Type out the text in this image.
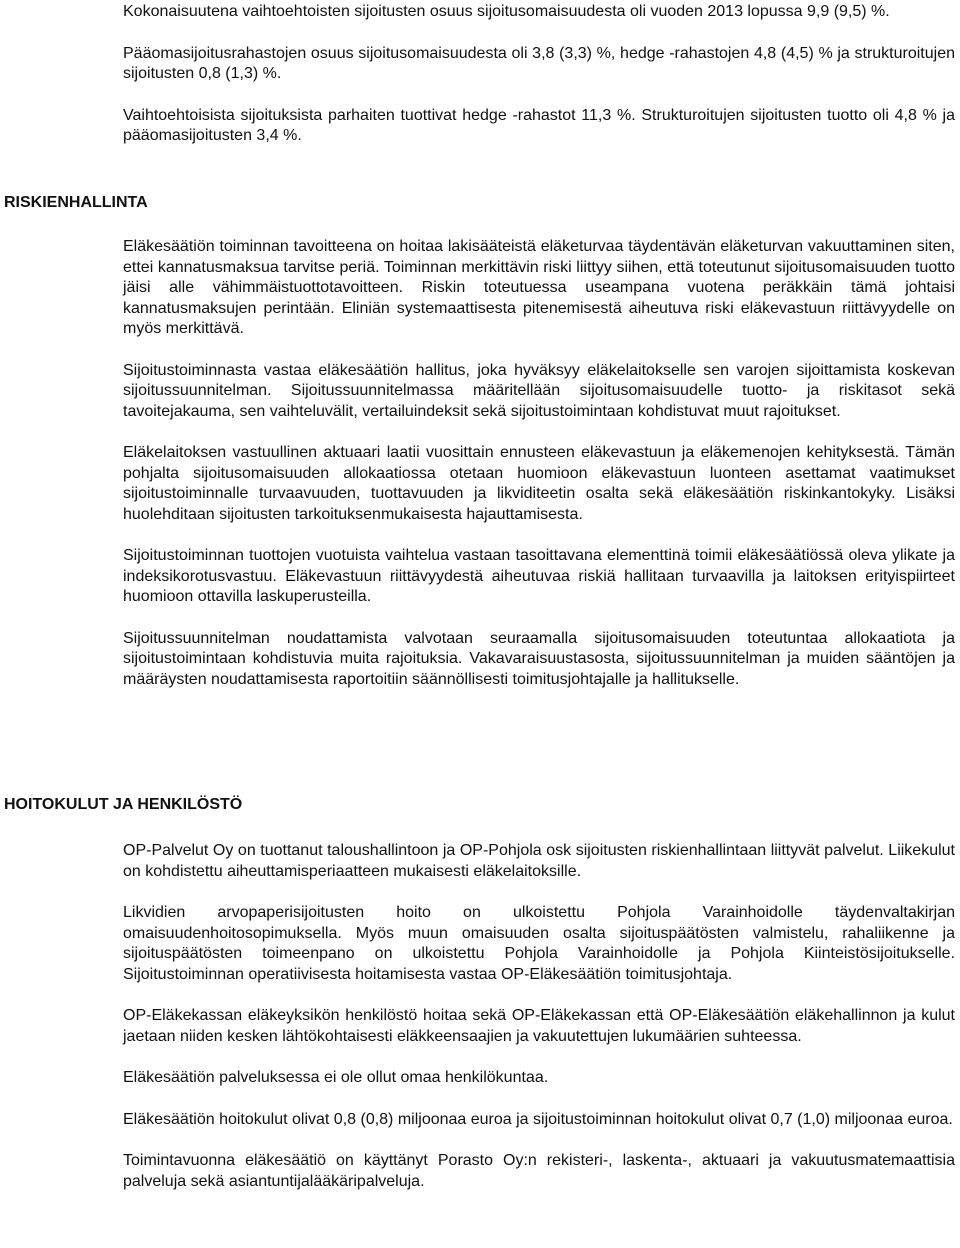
Kokonaisuutena vaihtoehtoisten sijoitusten osuus sijoitusomaisuudesta oli vuoden 2013 lopussa 9,9 (9,5) %.

Pääomasijoitusrahastojen osuus sijoitusomaisuudesta oli 3,8 (3,3) %, hedge -rahastojen 4,8 (4,5) % ja strukturoitujen sijoitusten 0,8 (1,3) %.

Vaihtoehtoisista sijoituksista parhaiten tuottivat hedge -rahastot 11,3 %. Strukturoitujen sijoitusten tuotto oli 4,8 % ja pääomasijoitusten 3,4 %.

RISKIENHALLINTA

Eläkesäätiön toiminnan tavoitteena on hoitaa lakisääteistä eläketurvaa täydentävän eläketurvan vakuuttaminen siten, ettei kannatusmaksua tarvitse periä. Toiminnan merkittävin riski liittyy siihen, että toteutunut sijoitusomaisuuden tuotto jäisi alle vähimmäistuottotavoitteen. Riskin toteutuessa useampana vuotena peräkkäin tämä johtaisi kannatusmaksujen perintään. Eliniän systemaattisesta pitenemisestä aiheutuva riski eläkevastuun riittävyydelle on myös merkittävä.

Sijoitustoiminnasta vastaa eläkesäätiön hallitus, joka hyväksyy eläkelaitokselle sen varojen sijoittamista koskevan sijoitussuunnitelman. Sijoitussuunnitelmassa määritellään sijoitusomaisuudelle tuotto- ja riskitasot sekä tavoitejakauma, sen vaihteluvälit, vertailuindeksit sekä sijoitustoimintaan kohdistuvat muut rajoitukset.

Eläkelaitoksen vastuullinen aktuaari laatii vuosittain ennusteen eläkevastuun ja eläkemenojen kehityksestä. Tämän pohjalta sijoitusomaisuuden allokaatiossa otetaan huomioon eläkevastuun luonteen asettamat vaatimukset sijoitustoiminnalle turvaavuuden, tuottavuuden ja likviditeetin osalta sekä eläkesäätiön riskinkantokyky. Lisäksi huolehditaan sijoitusten tarkoituksenmukaisesta hajauttamisesta.

Sijoitustoiminnan tuottojen vuotuista vaihtelua vastaan tasoittavana elementtinä toimii eläkesäätiössä oleva ylikate ja indeksikorotusvastuu. Eläkevastuun riittävyydestä aiheutuvaa riskiä hallitaan turvaavilla ja laitoksen erityispiirteet huomioon ottavilla laskuperusteilla.

Sijoitussuunnitelman noudattamista valvotaan seuraamalla sijoitusomaisuuden toteutuntaa allokaatiota ja sijoitustoimintaan kohdistuvia muita rajoituksia. Vakavaraisuustasosta, sijoitussuunnitelman ja muiden sääntöjen ja määräysten noudattamisesta raportoitiin säännöllisesti toimitusjohtajalle ja hallitukselle.

HOITOKULUT JA HENKILÖSTÖ

OP-Palvelut Oy on tuottanut taloushallintoon ja OP-Pohjola osk sijoitusten riskienhallintaan liittyvät palvelut. Liikekulut on kohdistettu aiheuttamisperiaatteen mukaisesti eläkelaitoksille.

Likvidien arvopaperisijoitusten hoito on ulkoistettu Pohjola Varainhoidolle täydenvaltakirjan omaisuudenhoitosopimuksella. Myös muun omaisuuden osalta sijoituspäätösten valmistelu, rahaliikenne ja sijoituspäätösten toimeenpano on ulkoistettu Pohjola Varainhoidolle ja Pohjola Kiinteistösijoitukselle. Sijoitustoiminnan operatiivisesta hoitamisesta vastaa OP-Eläkesäätiön toimitusjohtaja.

OP-Eläkekassan eläkeyksikön henkilöstö hoitaa sekä OP-Eläkekassan että OP-Eläkesäätiön eläkehallinnon ja kulut jaetaan niiden kesken lähtökohtaisesti eläkkeensaajien ja vakuutettujen lukumäärien suhteessa.

Eläkesäätiön palveluksessa ei ole ollut omaa henkilökuntaa.

Eläkesäätiön hoitokulut olivat 0,8 (0,8) miljoonaa euroa ja sijoitustoiminnan hoitokulut olivat 0,7 (1,0) miljoonaa euroa.

Toimintavuonna eläkesäätiö on käyttänyt Porasto Oy:n rekisteri-, laskenta-, aktuaari ja vakuutusmatemaattisia palveluja sekä asiantuntijalääkäripalveluja.
